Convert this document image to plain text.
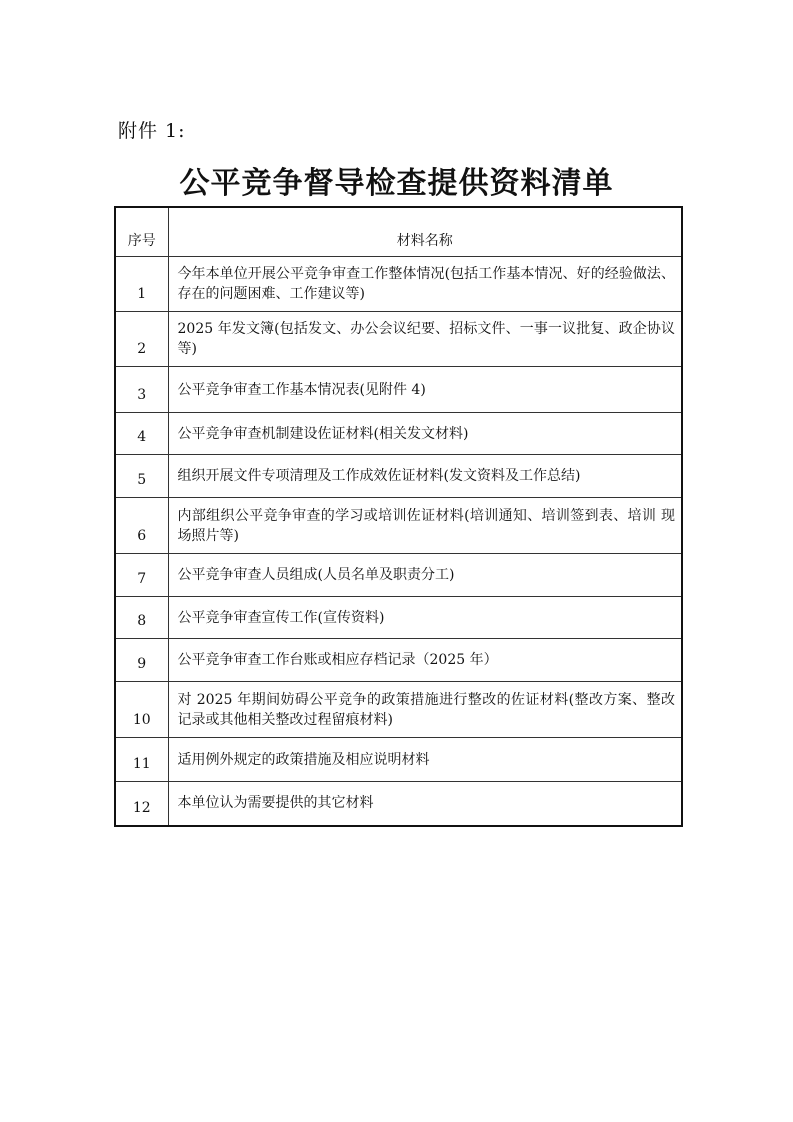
附件 1:
公平竞争督导检查提供资料清单
序号	材料名称
1	今年本单位开展公平竞争审查工作整体情况(包括工作基本情况、好的经验做法、存在的问题困难、工作建议等)
2	2025 年发文簿(包括发文、办公会议纪要、招标文件、一事一议批复、政企协议等)
3	公平竞争审查工作基本情况表(见附件 4)
4	公平竞争审查机制建设佐证材料(相关发文材料)
5	组织开展文件专项清理及工作成效佐证材料(发文资料及工作总结)
6	内部组织公平竞争审查的学习或培训佐证材料(培训通知、培训签到表、培训 现场照片等)
7	公平竞争审查人员组成(人员名单及职责分工)
8	公平竞争审查宣传工作(宣传资料)
9	公平竞争审查工作台账或相应存档记录（2025 年）
10	对 2025 年期间妨碍公平竞争的政策措施进行整改的佐证材料(整改方案、整改记录或其他相关整改过程留痕材料)
11	适用例外规定的政策措施及相应说明材料
12	本单位认为需要提供的其它材料
